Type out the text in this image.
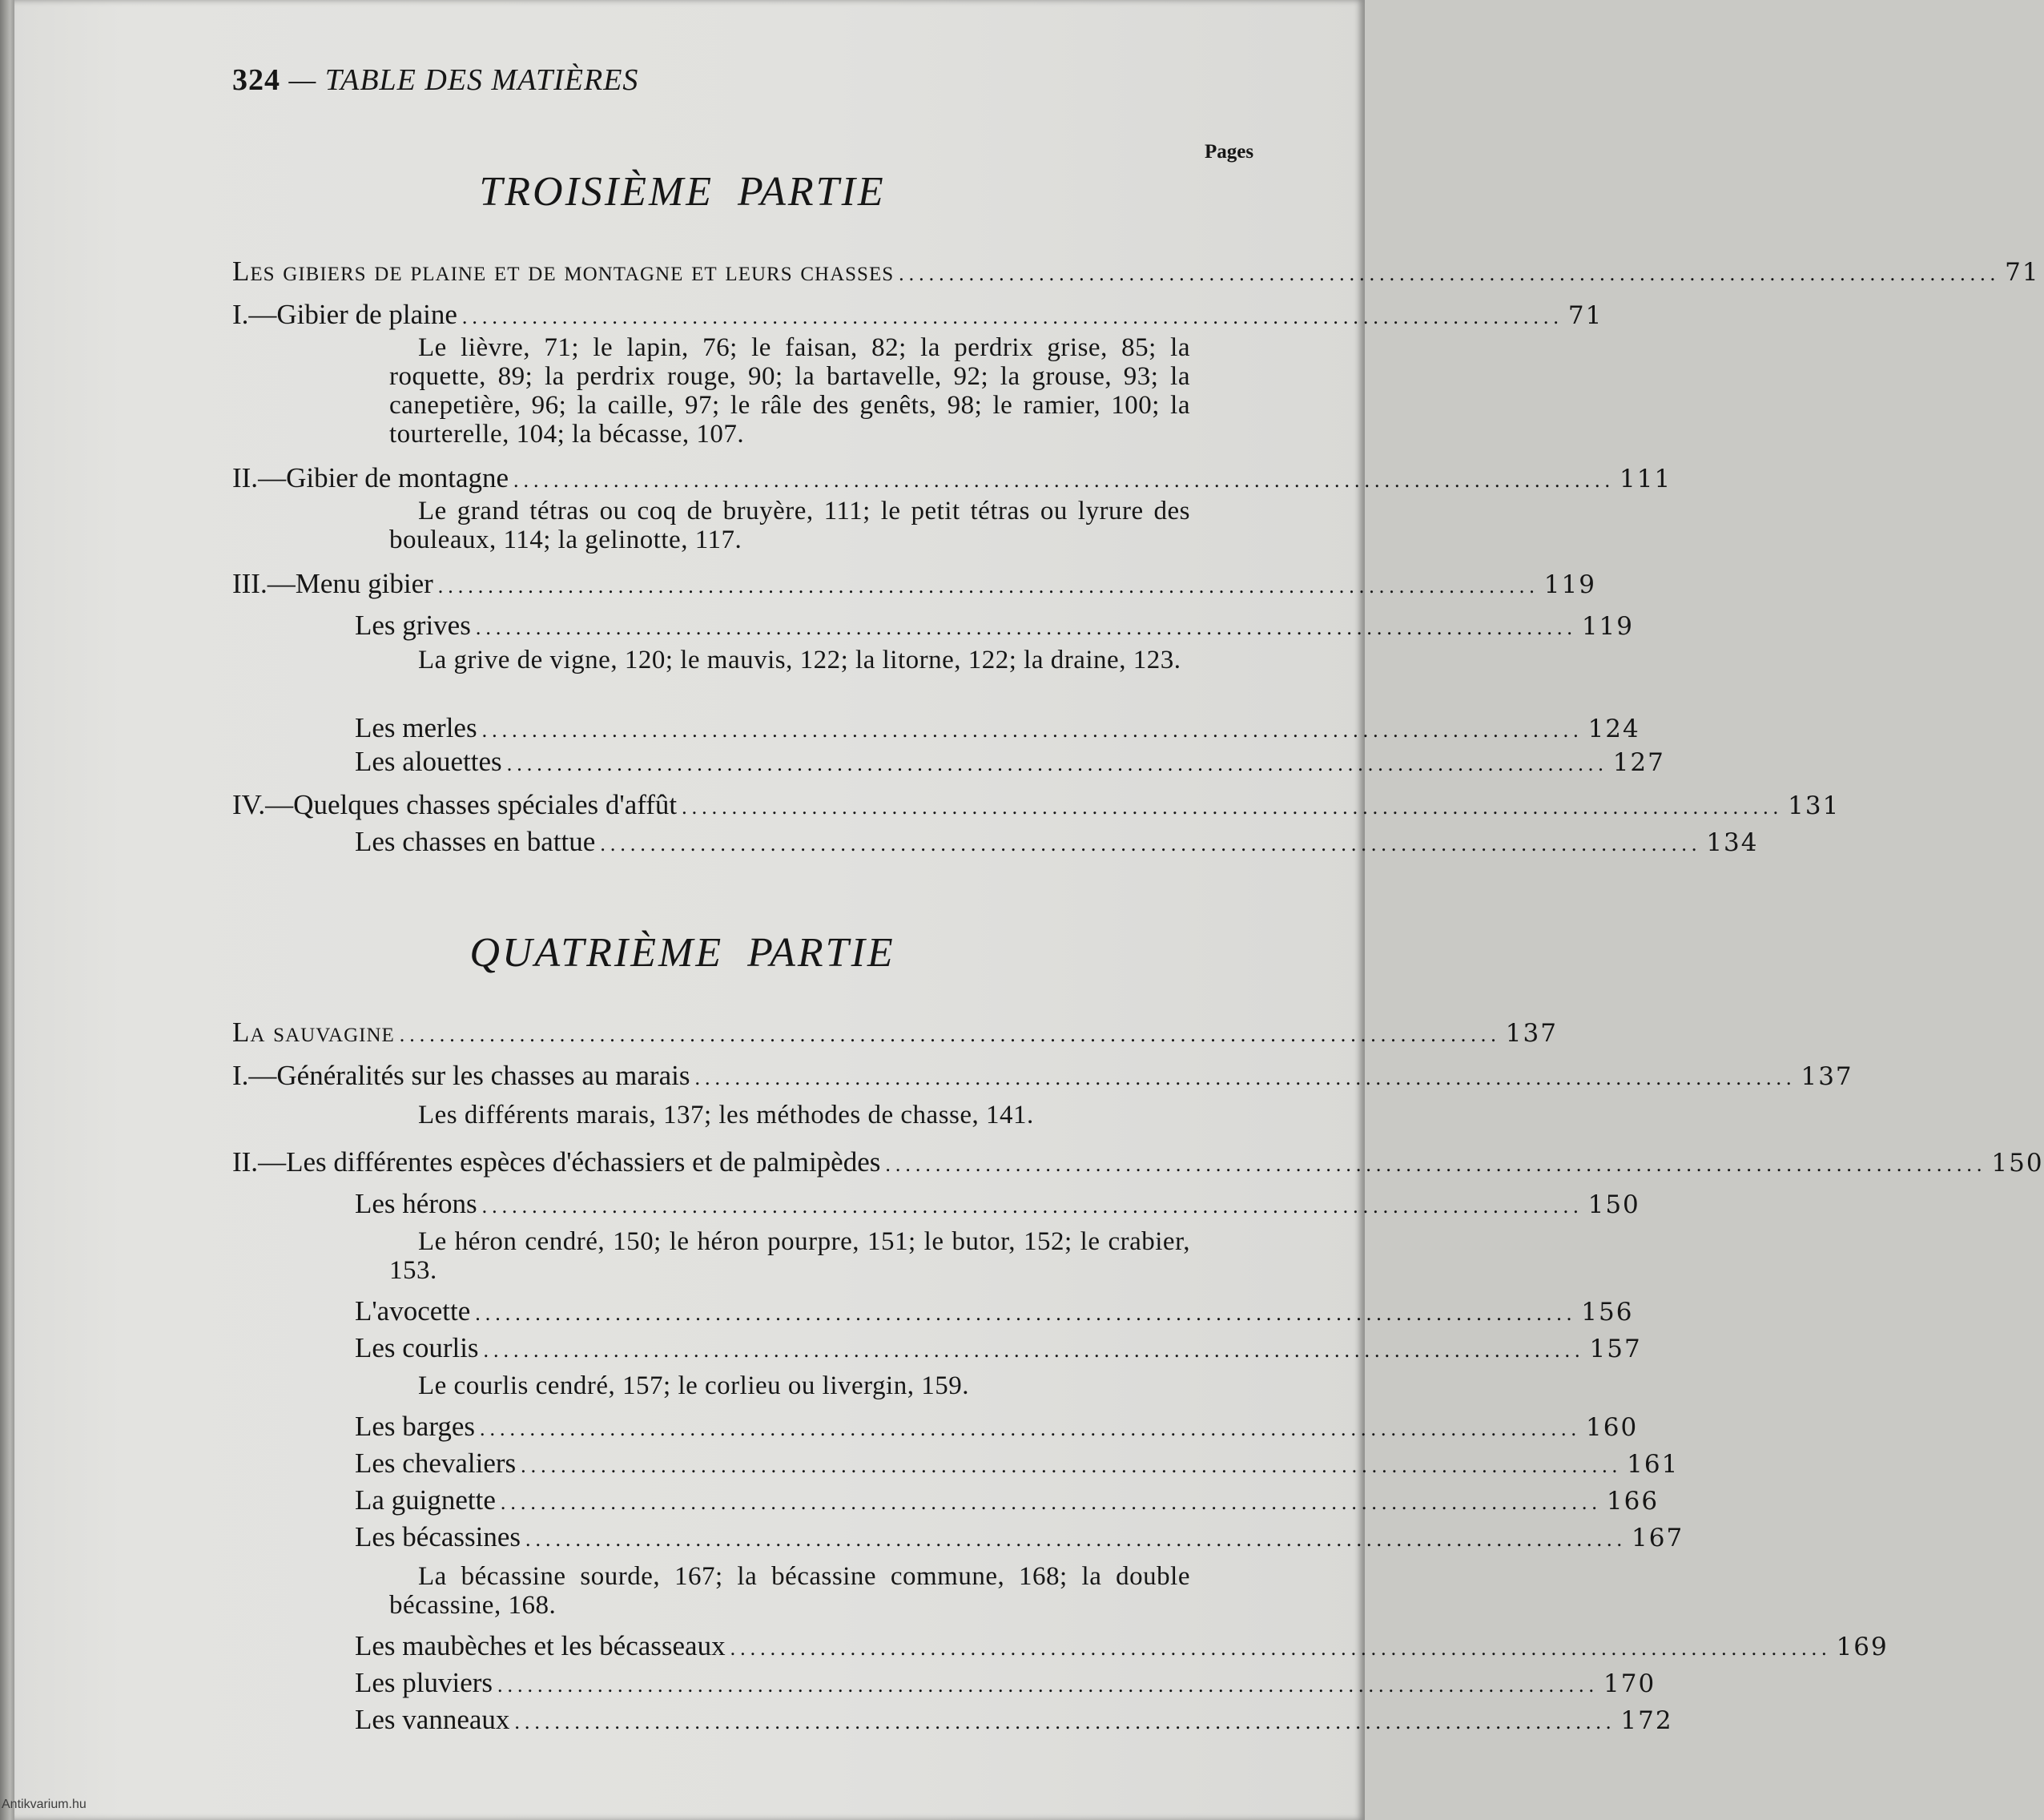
324 — TABLE DES MATIÈRES
Pages
TROISIÈME PARTIE
Les gibiers de plaine et de montagne et leurs chasses .............................................................................................................. 71
I. — Gibier de plaine .............................................................................................................. 71
Le lièvre, 71; le lapin, 76; le faisan, 82; la perdrix grise, 85; la roquette, 89; la perdrix rouge, 90; la bartavelle, 92; la grouse, 93; la canepetière, 96; la caille, 97; le râle des genêts, 98; le ramier, 100; la tourterelle, 104; la bécasse, 107.
II. — Gibier de montagne .............................................................................................................. 111
Le grand tétras ou coq de bruyère, 111; le petit tétras ou lyrure des bouleaux, 114; la gelinotte, 117.
III. — Menu gibier .............................................................................................................. 119
Les grives .............................................................................................................. 119
La grive de vigne, 120; le mauvis, 122; la litorne, 122; la draine, 123.
Les merles .............................................................................................................. 124
Les alouettes .............................................................................................................. 127
IV. — Quelques chasses spéciales d'affût .............................................................................................................. 131
Les chasses en battue .............................................................................................................. 134
QUATRIÈME PARTIE
La sauvagine .............................................................................................................. 137
I. — Généralités sur les chasses au marais .............................................................................................................. 137
Les différents marais, 137; les méthodes de chasse, 141.
II. — Les différentes espèces d'échassiers et de palmipèdes .............................................................................................................. 150
Les hérons .............................................................................................................. 150
Le héron cendré, 150; le héron pourpre, 151; le butor, 152; le crabier, 153.
L'avocette .............................................................................................................. 156
Les courlis .............................................................................................................. 157
Le courlis cendré, 157; le corlieu ou livergin, 159.
Les barges .............................................................................................................. 160
Les chevaliers .............................................................................................................. 161
La guignette .............................................................................................................. 166
Les bécassines .............................................................................................................. 167
La bécassine sourde, 167; la bécassine commune, 168; la double bécassine, 168.
Les maubèches et les bécasseaux .............................................................................................................. 169
Les pluviers .............................................................................................................. 170
Les vanneaux .............................................................................................................. 172
Antikvarium.hu
